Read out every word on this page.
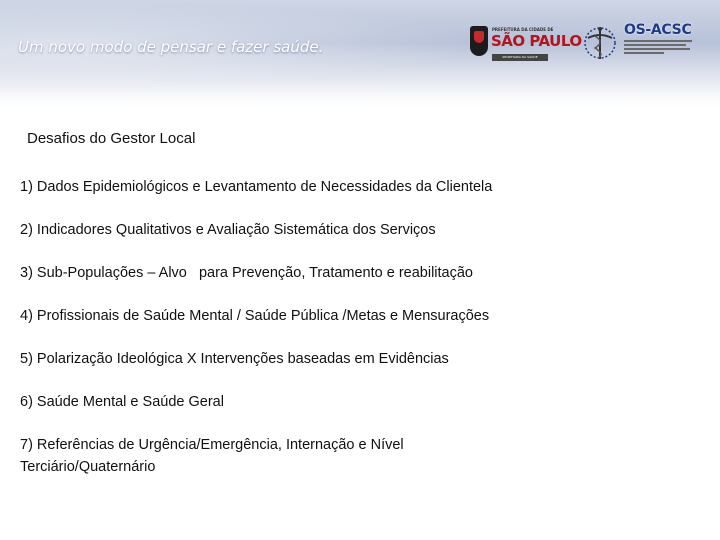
Um novo modo de pensar e fazer saúde.
PREFEITURA DA CIDADE DE
SÃO PAULO
SECRETARIA DA SAÚDE
OS-ACSC
Desafios do Gestor Local
1) Dados Epidemiológicos e Levantamento de Necessidades da Clientela
2) Indicadores Qualitativos e Avaliação Sistemática dos Serviços
3) Sub-Populações – Alvo   para Prevenção, Tratamento e reabilitação
4) Profissionais de Saúde Mental / Saúde Pública /Metas e Mensurações
5) Polarização Ideológica X Intervenções baseadas em Evidências
6) Saúde Mental e Saúde Geral
7) Referências de Urgência/Emergência, Internação e Nível
Terciário/Quaternário
